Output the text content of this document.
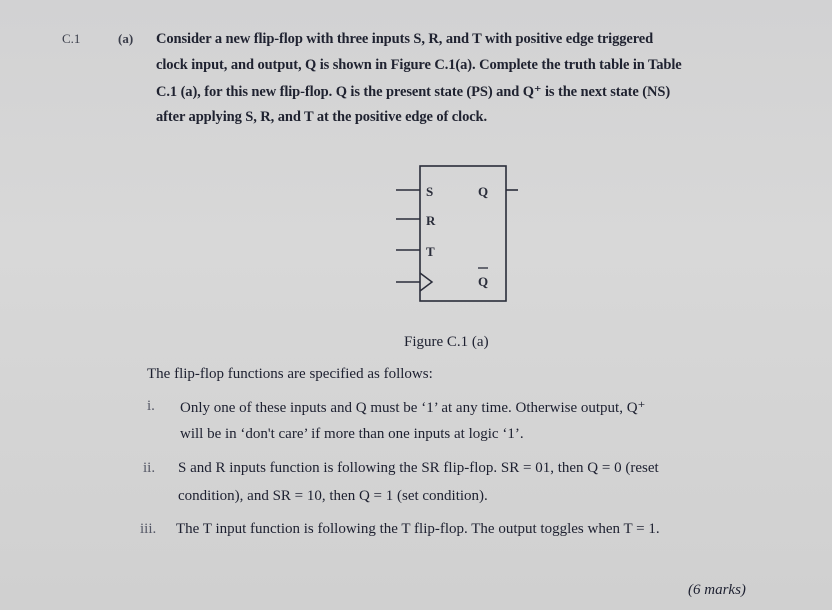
C.1	(a) Consider a new flip-flop with three inputs S, R, and T with positive edge triggered
clock input, and output, Q is shown in Figure C.1(a). Complete the truth table in Table
C.1 (a), for this new flip-flop. Q is the present state (PS) and Q⁺ is the next state (NS)
after applying S, R, and T at the positive edge of clock.
S
R
T
Q
Q
Figure C.1 (a)
The flip-flop functions are specified as follows:
i. Only one of these inputs and Q must be ‘1’ at any time. Otherwise output, Q⁺
will be in ‘don't care’ if more than one inputs at logic ‘1’.
ii. S and R inputs function is following the SR flip-flop. SR = 01, then Q = 0 (reset
condition), and SR = 10, then Q = 1 (set condition).
iii. The T input function is following the T flip-flop. The output toggles when T = 1.
(6 marks)
